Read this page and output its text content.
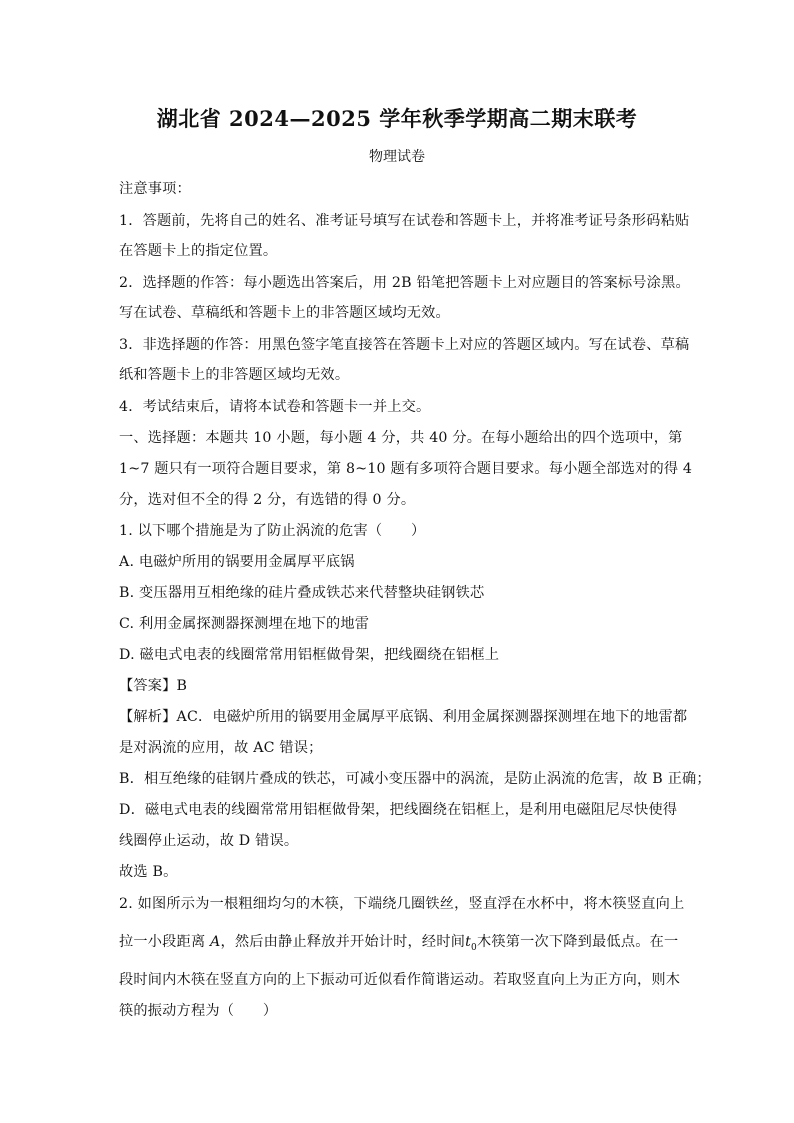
湖北省 2024—2025 学年秋季学期高二期末联考
物理试卷
注意事项：
1．答题前，先将自己的姓名、准考证号填写在试卷和答题卡上，并将准考证号条形码粘贴
在答题卡上的指定位置。
2．选择题的作答：每小题选出答案后，用 2B 铅笔把答题卡上对应题目的答案标号涂黑。
写在试卷、草稿纸和答题卡上的非答题区域均无效。
3．非选择题的作答：用黑色签字笔直接答在答题卡上对应的答题区域内。写在试卷、草稿
纸和答题卡上的非答题区域均无效。
4．考试结束后，请将本试卷和答题卡一并上交。
一、选择题：本题共 10 小题，每小题 4 分，共 40 分。在每小题给出的四个选项中，第
1~7 题只有一项符合题目要求，第 8~10 题有多项符合题目要求。每小题全部选对的得 4
分，选对但不全的得 2 分，有选错的得 0 分。
1. 以下哪个措施是为了防止涡流的危害（　　）
A. 电磁炉所用的锅要用金属厚平底锅
B. 变压器用互相绝缘的硅片叠成铁芯来代替整块硅钢铁芯
C. 利用金属探测器探测埋在地下的地雷
D. 磁电式电表的线圈常常用铝框做骨架，把线圈绕在铝框上
【答案】B
【解析】AC．电磁炉所用的锅要用金属厚平底锅、利用金属探测器探测埋在地下的地雷都
是对涡流的应用，故 AC 错误；
B．相互绝缘的硅钢片叠成的铁芯，可减小变压器中的涡流，是防止涡流的危害，故 B 正确；
D．磁电式电表的线圈常常用铝框做骨架，把线圈绕在铝框上，是利用电磁阻尼尽快使得
线圈停止运动，故 D 错误。
故选 B。
2. 如图所示为一根粗细均匀的木筷，下端绕几圈铁丝，竖直浮在水杯中，将木筷竖直向上
拉一小段距离 A，然后由静止释放并开始计时，经时间$t_0$木筷第一次下降到最低点。在一
段时间内木筷在竖直方向的上下振动可近似看作简谐运动。若取竖直向上为正方向，则木
筷的振动方程为（　　）
